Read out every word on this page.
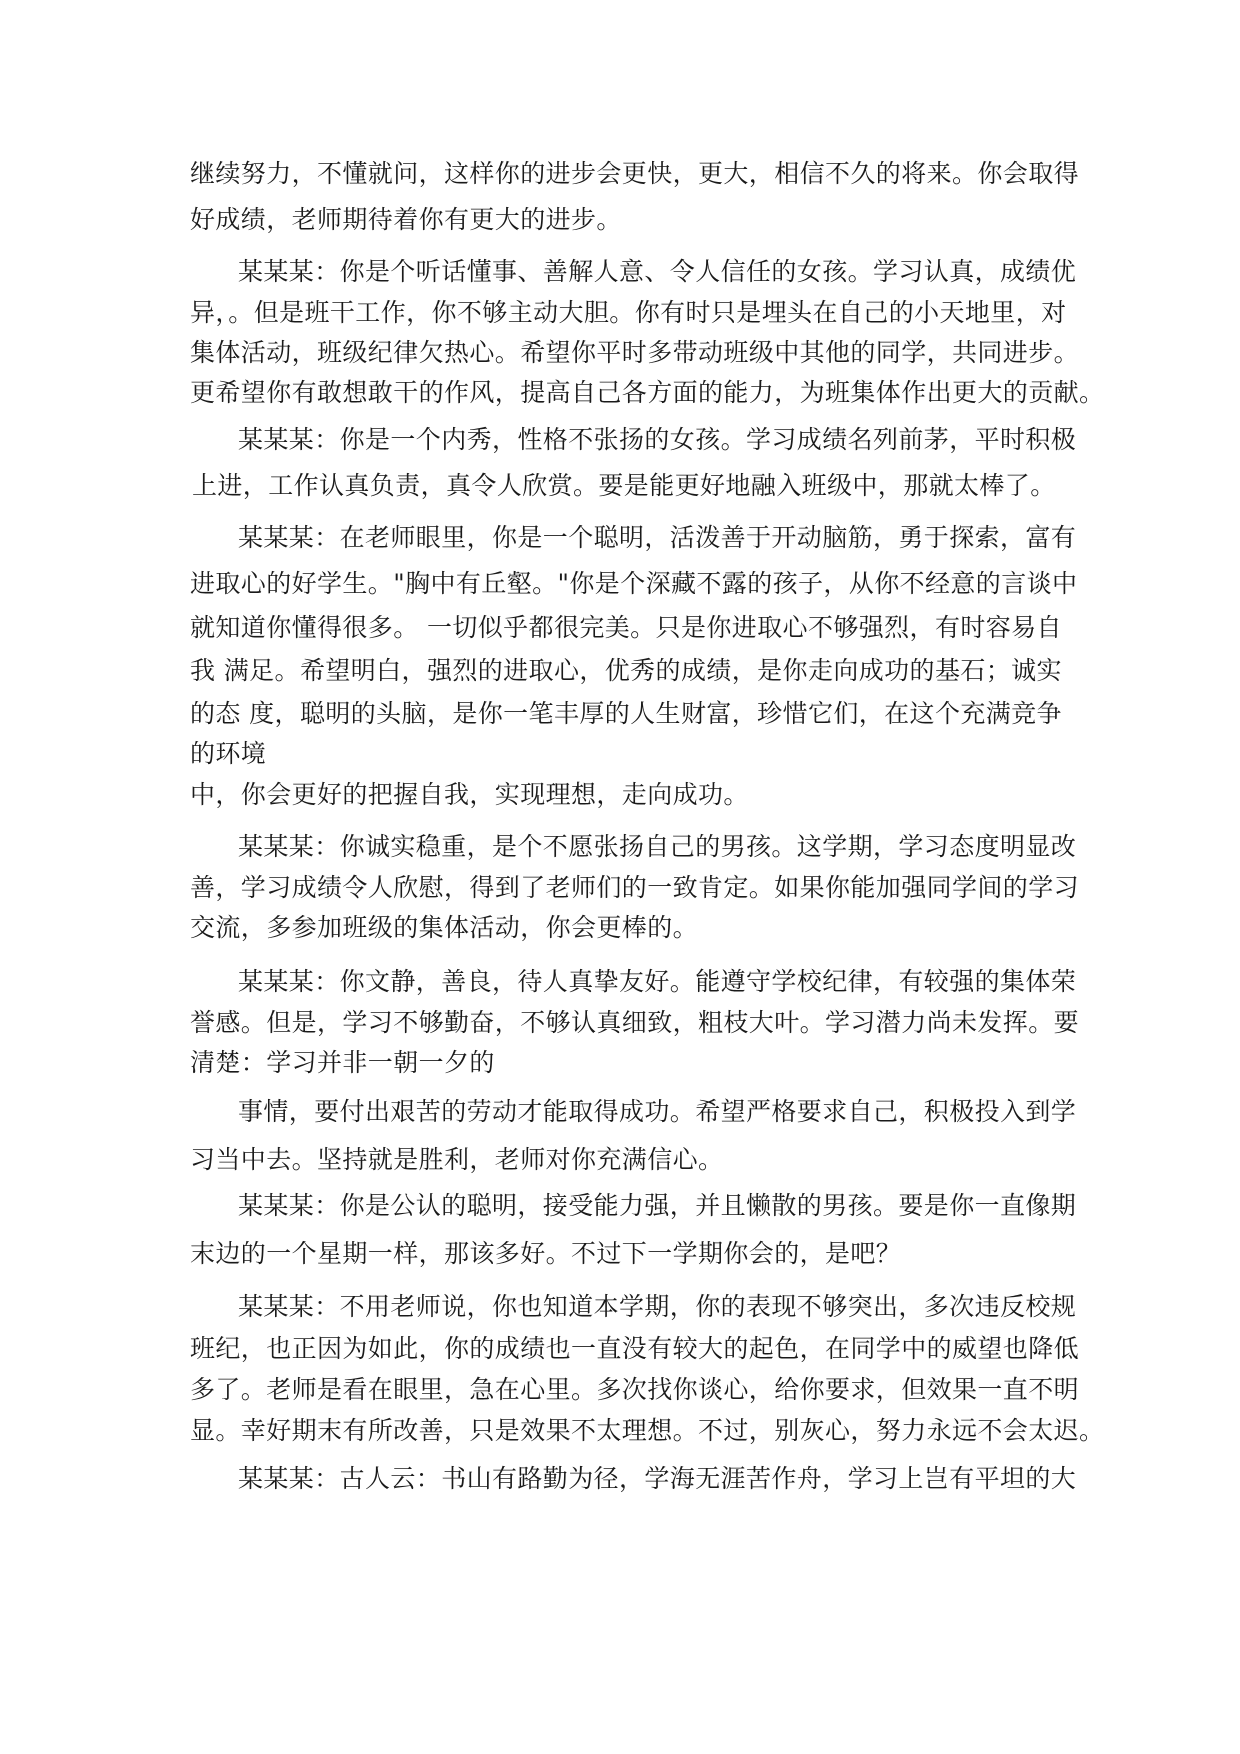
继续努力，不懂就问，这样你的进步会更快，更大，相信不久的将来。你会取得

好成绩，老师期待着你有更大的进步。

某某某：你是个听话懂事、善解人意、令人信任的女孩。学习认真，成绩优

异，。但是班干工作，你不够主动大胆。你有时只是埋头在自己的小天地里，对

集体活动，班级纪律欠热心。希望你平时多带动班级中其他的同学，共同进步。

更希望你有敢想敢干的作风，提高自己各方面的能力，为班集体作出更大的贡献。

某某某：你是一个内秀，性格不张扬的女孩。学习成绩名列前茅，平时积极

上进，工作认真负责，真令人欣赏。要是能更好地融入班级中，那就太棒了。

某某某：在老师眼里，你是一个聪明，活泼善于开动脑筋，勇于探索，富有

进取心的好学生。"胸中有丘壑。"你是个深藏不露的孩子，从你不经意的言谈中

就知道你懂得很多。 一切似乎都很完美。只是你进取心不够强烈，有时容易自

我 满足。希望明白，强烈的进取心，优秀的成绩，是你走向成功的基石；诚实

的态 度，聪明的头脑，是你一笔丰厚的人生财富，珍惜它们，在这个充满竞争

的环境

中，你会更好的把握自我，实现理想，走向成功。

某某某：你诚实稳重，是个不愿张扬自己的男孩。这学期，学习态度明显改

善，学习成绩令人欣慰，得到了老师们的一致肯定。如果你能加强同学间的学习

交流，多参加班级的集体活动，你会更棒的。

某某某：你文静，善良，待人真挚友好。能遵守学校纪律，有较强的集体荣

誉感。但是，学习不够勤奋，不够认真细致，粗枝大叶。学习潜力尚未发挥。要

清楚：学习并非一朝一夕的

事情，要付出艰苦的劳动才能取得成功。希望严格要求自己，积极投入到学

习当中去。坚持就是胜利，老师对你充满信心。

某某某：你是公认的聪明，接受能力强，并且懒散的男孩。要是你一直像期

末边的一个星期一样，那该多好。不过下一学期你会的，是吧？

某某某：不用老师说，你也知道本学期，你的表现不够突出，多次违反校规

班纪，也正因为如此，你的成绩也一直没有较大的起色，在同学中的威望也降低

多了。老师是看在眼里，急在心里。多次找你谈心，给你要求，但效果一直不明

显。幸好期末有所改善，只是效果不太理想。不过，别灰心，努力永远不会太迟。

某某某：古人云：书山有路勤为径，学海无涯苦作舟，学习上岂有平坦的大
